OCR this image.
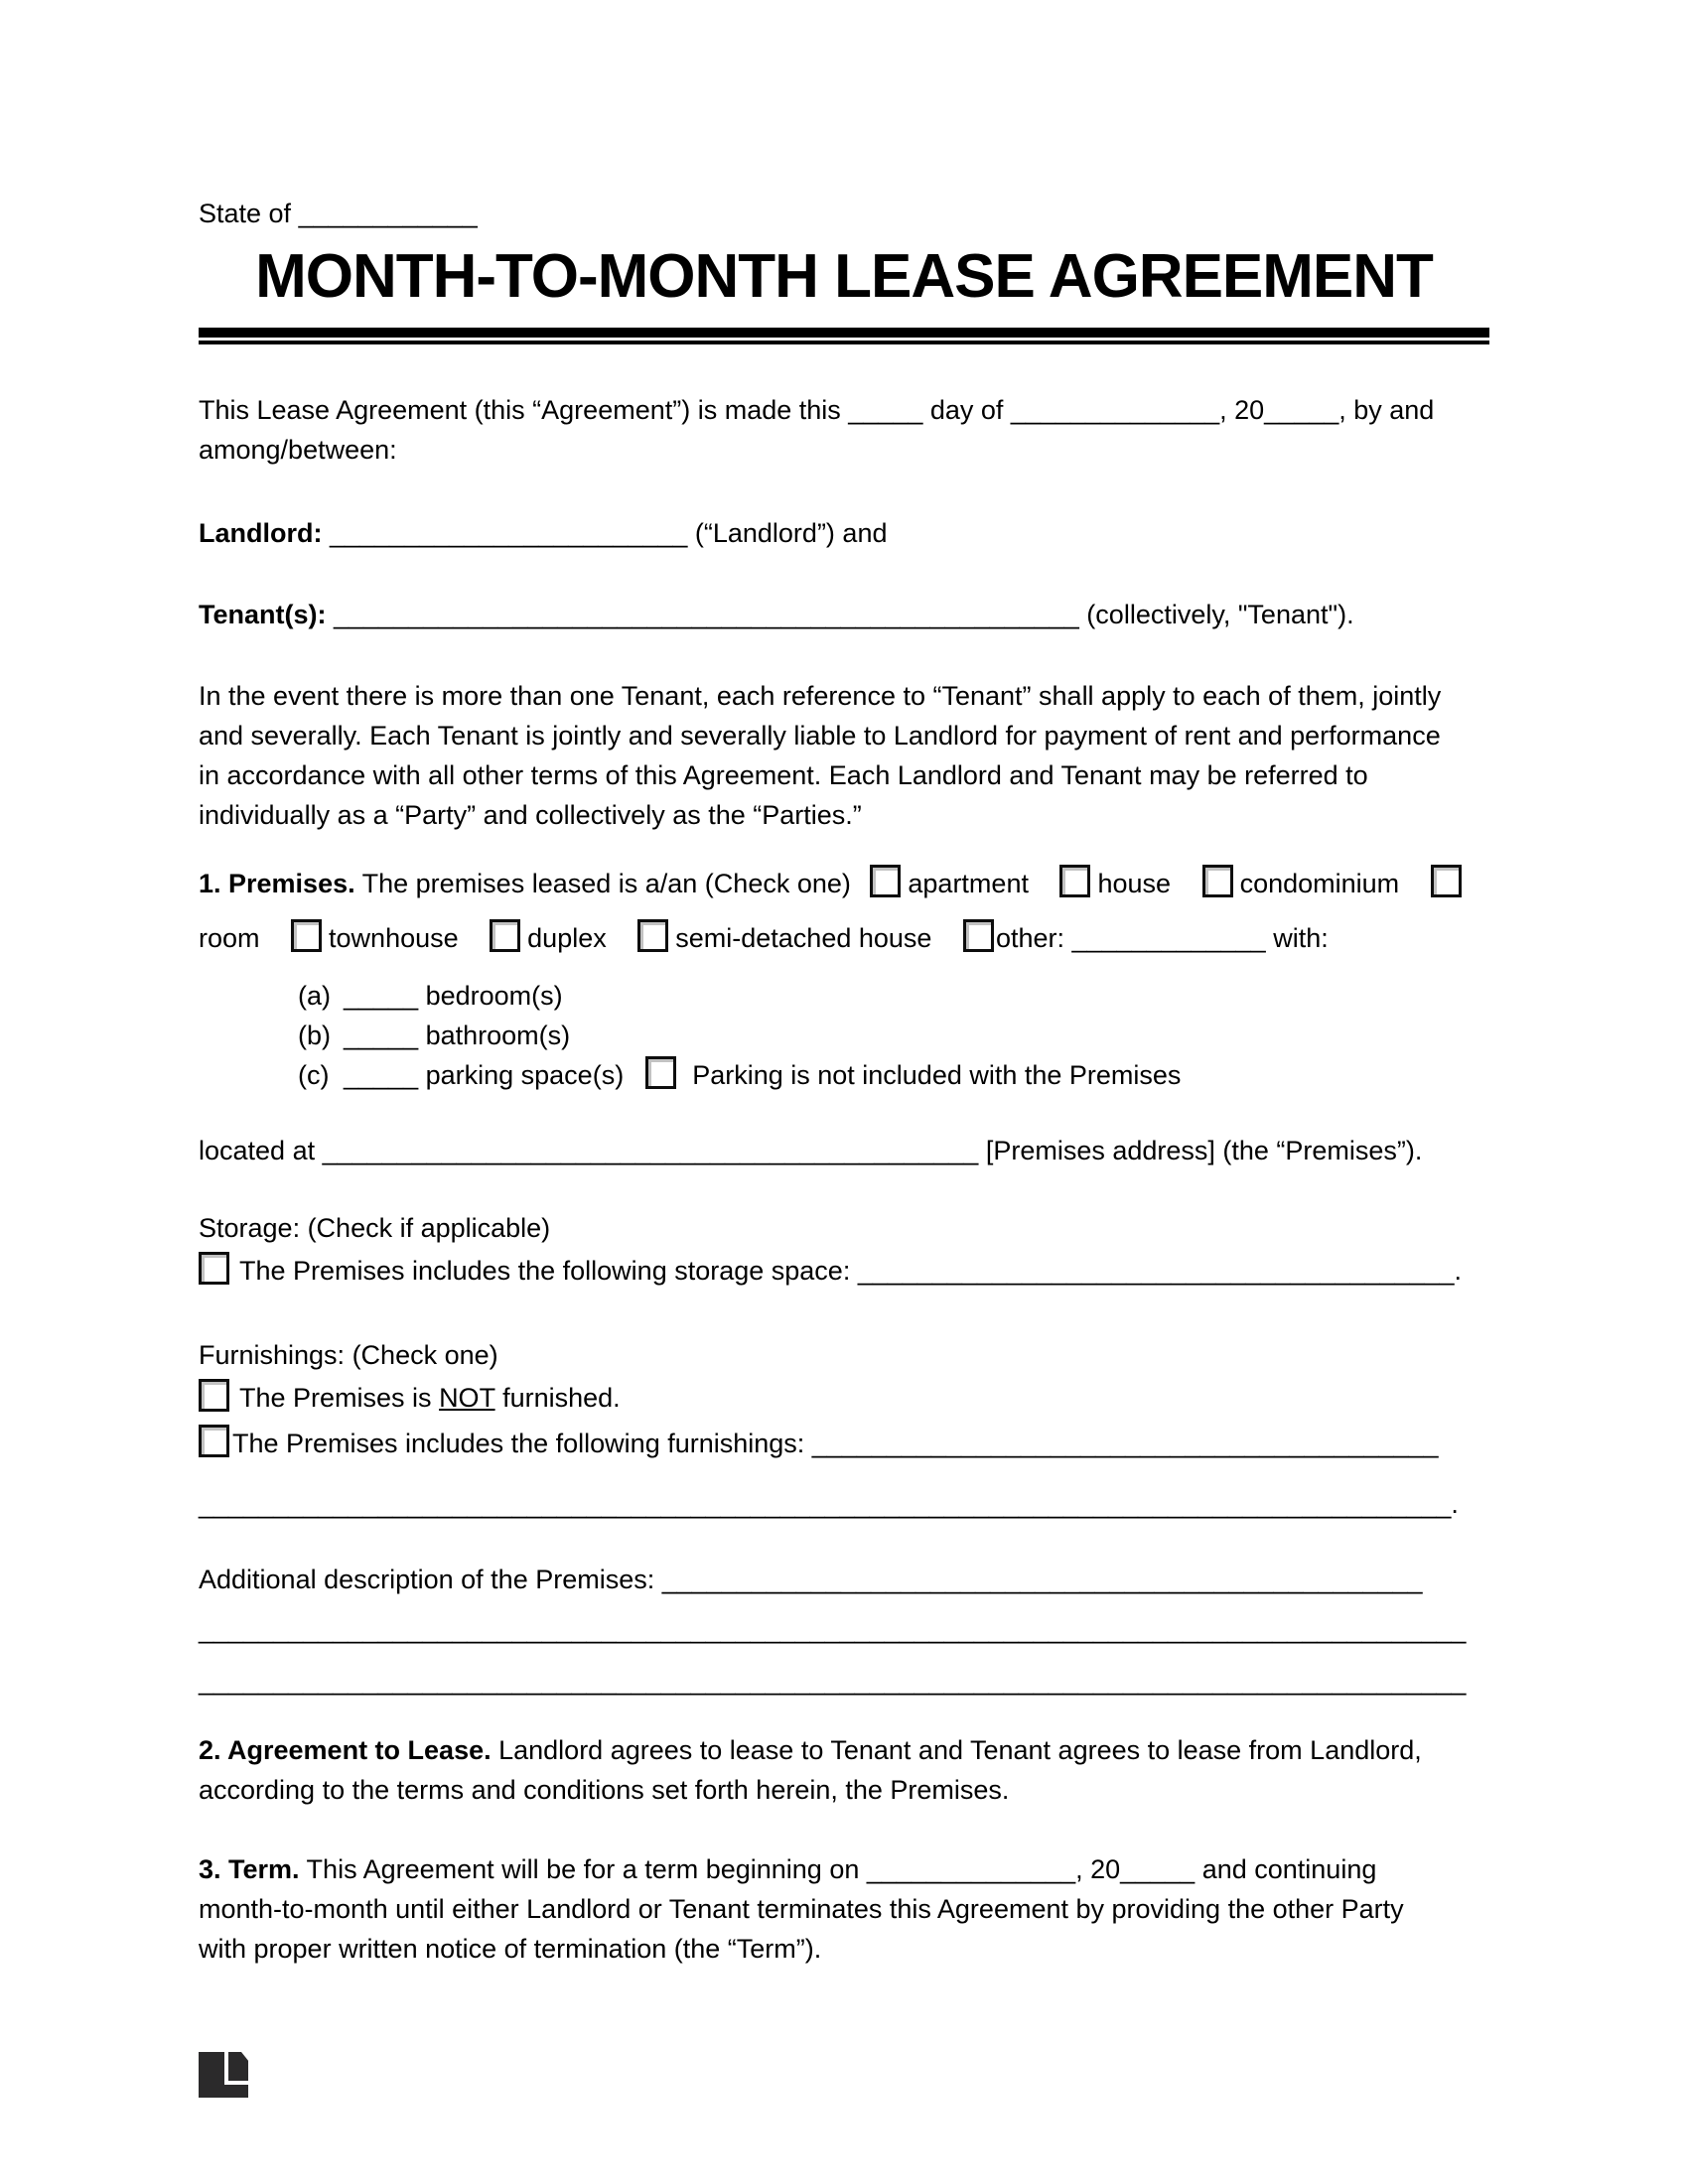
State of ____________
MONTH-TO-MONTH LEASE AGREEMENT
This Lease Agreement (this “Agreement”) is made this _____ day of ______________, 20_____, by and
among/between:
Landlord: ________________________ (“Landlord”) and
Tenant(s): __________________________________________________ (collectively, "Tenant").
In the event there is more than one Tenant, each reference to “Tenant” shall apply to each of them, jointly
and severally. Each Tenant is jointly and severally liable to Landlord for payment of rent and performance
in accordance with all other terms of this Agreement. Each Landlord and Tenant may be referred to
individually as a “Party” and collectively as the “Parties.”
1. Premises. The premises leased is a/an (Check one) apartment	house	condominium room	townhouse	duplex	semi-detached house other: _____________ with:
(a) _____ bedroom(s)
(b) _____ bathroom(s)
(c) _____ parking space(s)	Parking is not included with the Premises
located at ____________________________________________ [Premises address] (the “Premises”).
Storage: (Check if applicable)
The Premises includes the following storage space: ________________________________________.
Furnishings: (Check one)
The Premises is NOT furnished.
The Premises includes the following furnishings: __________________________________________
____________________________________________________________________________________.
Additional description of the Premises: ___________________________________________________
_____________________________________________________________________________________
_____________________________________________________________________________________
2. Agreement to Lease. Landlord agrees to lease to Tenant and Tenant agrees to lease from Landlord,
according to the terms and conditions set forth herein, the Premises.
3. Term. This Agreement will be for a term beginning on ______________, 20_____ and continuing
month-to-month until either Landlord or Tenant terminates this Agreement by providing the other Party
with proper written notice of termination (the “Term”).
